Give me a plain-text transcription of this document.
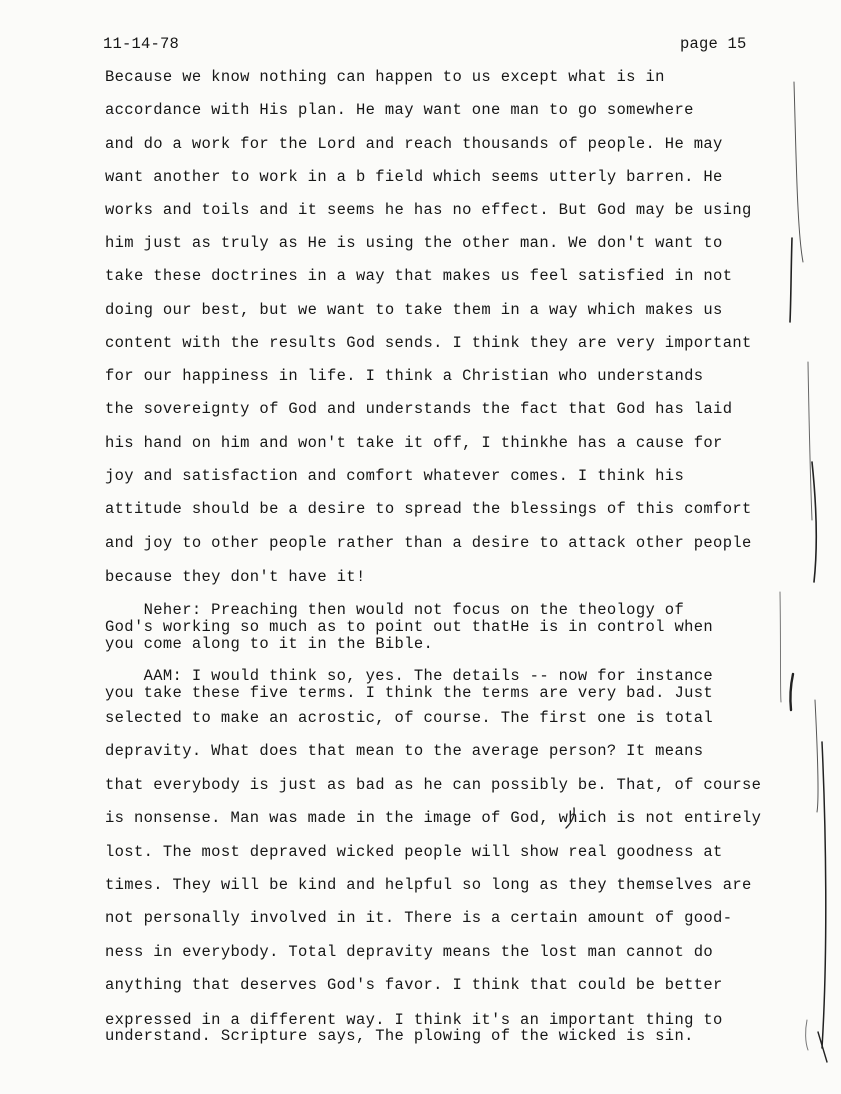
11-14-78	page 15
Because we know nothing can happen to us except what is in
accordance with His plan. He may want one man to go somewhere
and do a work for the Lord and reach thousands of people. He may
want another to work in a b field which seems utterly barren. He
works and toils and it seems he has no effect. But God may be using
him just as truly as He is using the other man. We don't want to
take these doctrines in a way that makes us feel satisfied in not
doing our best, but we want to take them in a way which makes us
content with the results God sends. I think they are very important
for our happiness in life. I think a Christian who understands
the sovereignty of God and understands the fact that God has laid
his hand on him and won't take it off, I thinkhe has a cause for
joy and satisfaction and comfort whatever comes. I think his
attitude should be a desire to spread the blessings of this comfort
and joy to other people rather than a desire to attack other people
because they don't have it!
Neher: Preaching then would not focus on the theology of
God's working so much as to point out thatHe is in control when
you come along to it in the Bible.
AAM: I would think so, yes. The details -- now for instance
you take these five terms. I think the terms are very bad. Just
selected to make an acrostic, of course. The first one is total
depravity. What does that mean to the average person? It means
that everybody is just as bad as he can possibly be. That, of course
is nonsense. Man was made in the image of God, which is not entirely
lost. The most depraved wicked people will show real goodness at
times. They will be kind and helpful so long as they themselves are
not personally involved in it. There is a certain amount of good-
ness in everybody. Total depravity means the lost man cannot do
anything that deserves God's favor. I think that could be better
expressed in a different way. I think it's an important thing to
understand. Scripture says, The plowing of the wicked is sin.
